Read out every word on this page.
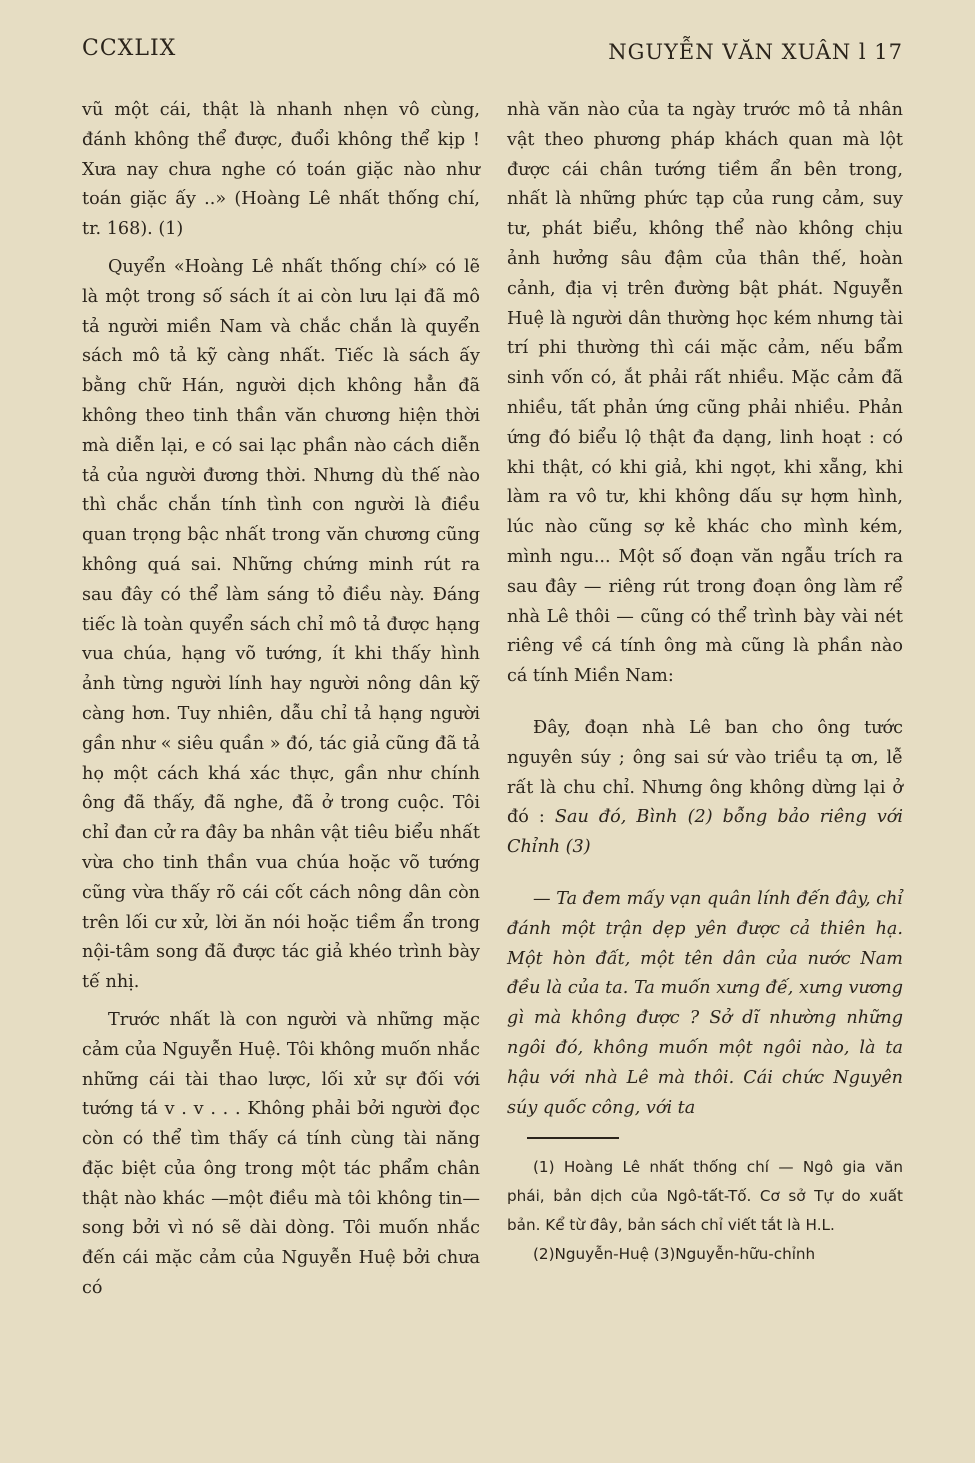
CCXLIX	NGUYỄN VĂN XUÂN l 17

vũ một cái, thật là nhanh nhẹn vô cùng, đánh không thể được, đuổi không thể kịp ! Xưa nay chưa nghe có toán giặc nào như toán giặc ấy ..» (Hoàng Lê nhất thống chí, tr. 168). (1)

Quyển «Hoàng Lê nhất thống chí» có lẽ là một trong số sách ít ai còn lưu lại đã mô tả người miền Nam và chắc chắn là quyển sách mô tả kỹ càng nhất. Tiếc là sách ấy bằng chữ Hán, người dịch không hẳn đã không theo tinh thần văn chương hiện thời mà diễn lại, e có sai lạc phần nào cách diễn tả của người đương thời. Nhưng dù thế nào thì chắc chắn tính tình con người là điều quan trọng bậc nhất trong văn chương cũng không quá sai. Những chứng minh rút ra sau đây có thể làm sáng tỏ điều này. Đáng tiếc là toàn quyển sách chỉ mô tả được hạng vua chúa, hạng võ tướng, ít khi thấy hình ảnh từng người lính hay người nông dân kỹ càng hơn. Tuy nhiên, dẫu chỉ tả hạng người gần như « siêu quần » đó, tác giả cũng đã tả họ một cách khá xác thực, gần như chính ông đã thấy, đã nghe, đã ở trong cuộc. Tôi chỉ đan cử ra đây ba nhân vật tiêu biểu nhất vừa cho tinh thần vua chúa hoặc võ tướng cũng vừa thấy rõ cái cốt cách nông dân còn trên lối cư xử, lời ăn nói hoặc tiềm ẩn trong nội-tâm song đã được tác giả khéo trình bày tế nhị.

Trước nhất là con người và những mặc cảm của Nguyễn Huệ. Tôi không muốn nhắc những cái tài thao lược, lối xử sự đối với tướng tá v . v . . . Không phải bởi người đọc còn có thể tìm thấy cá tính cùng tài năng đặc biệt của ông trong một tác phẩm chân thật nào khác —một điều mà tôi không tin—song bởi vì nó sẽ dài dòng. Tôi muốn nhắc đến cái mặc cảm của Nguyễn Huệ bởi chưa có

nhà văn nào của ta ngày trước mô tả nhân vật theo phương pháp khách quan mà lột được cái chân tướng tiềm ẩn bên trong, nhất là những phức tạp của rung cảm, suy tư, phát biểu, không thể nào không chịu ảnh hưởng sâu đậm của thân thế, hoàn cảnh, địa vị trên đường bật phát. Nguyễn Huệ là người dân thường học kém nhưng tài trí phi thường thì cái mặc cảm, nếu bẩm sinh vốn có, ắt phải rất nhiều. Mặc cảm đã nhiều, tất phản ứng cũng phải nhiều. Phản ứng đó biểu lộ thật đa dạng, linh hoạt : có khi thật, có khi giả, khi ngọt, khi xẵng, khi làm ra vô tư, khi không dấu sự hợm hình, lúc nào cũng sợ kẻ khác cho mình kém, mình ngu... Một số đoạn văn ngẫu trích ra sau đây — riêng rút trong đoạn ông làm rể nhà Lê thôi — cũng có thể trình bày vài nét riêng về cá tính ông mà cũng là phần nào cá tính Miền Nam:

Đây, đoạn nhà Lê ban cho ông tước nguyên súy ; ông sai sứ vào triều tạ ơn, lễ rất là chu chỉ. Nhưng ông không dừng lại ở đó : Sau đó, Bình (2) bỗng bảo riêng với Chỉnh (3)

— Ta đem mấy vạn quân lính đến đây, chỉ đánh một trận dẹp yên được cả thiên hạ. Một hòn đất, một tên dân của nước Nam đều là của ta. Ta muốn xưng đế, xưng vương gì mà không được ? Sở dĩ nhường những ngôi đó, không muốn một ngôi nào, là ta hậu với nhà Lê mà thôi. Cái chức Nguyên súy quốc công, với ta

(1) Hoàng Lê nhất thống chí — Ngô gia văn phái, bản dịch của Ngô-tất-Tố. Cơ sở Tự do xuất bản. Kể từ đây, bản sách chỉ viết tắt là H.L.

(2)Nguyễn-Huệ (3)Nguyễn-hữu-chỉnh
